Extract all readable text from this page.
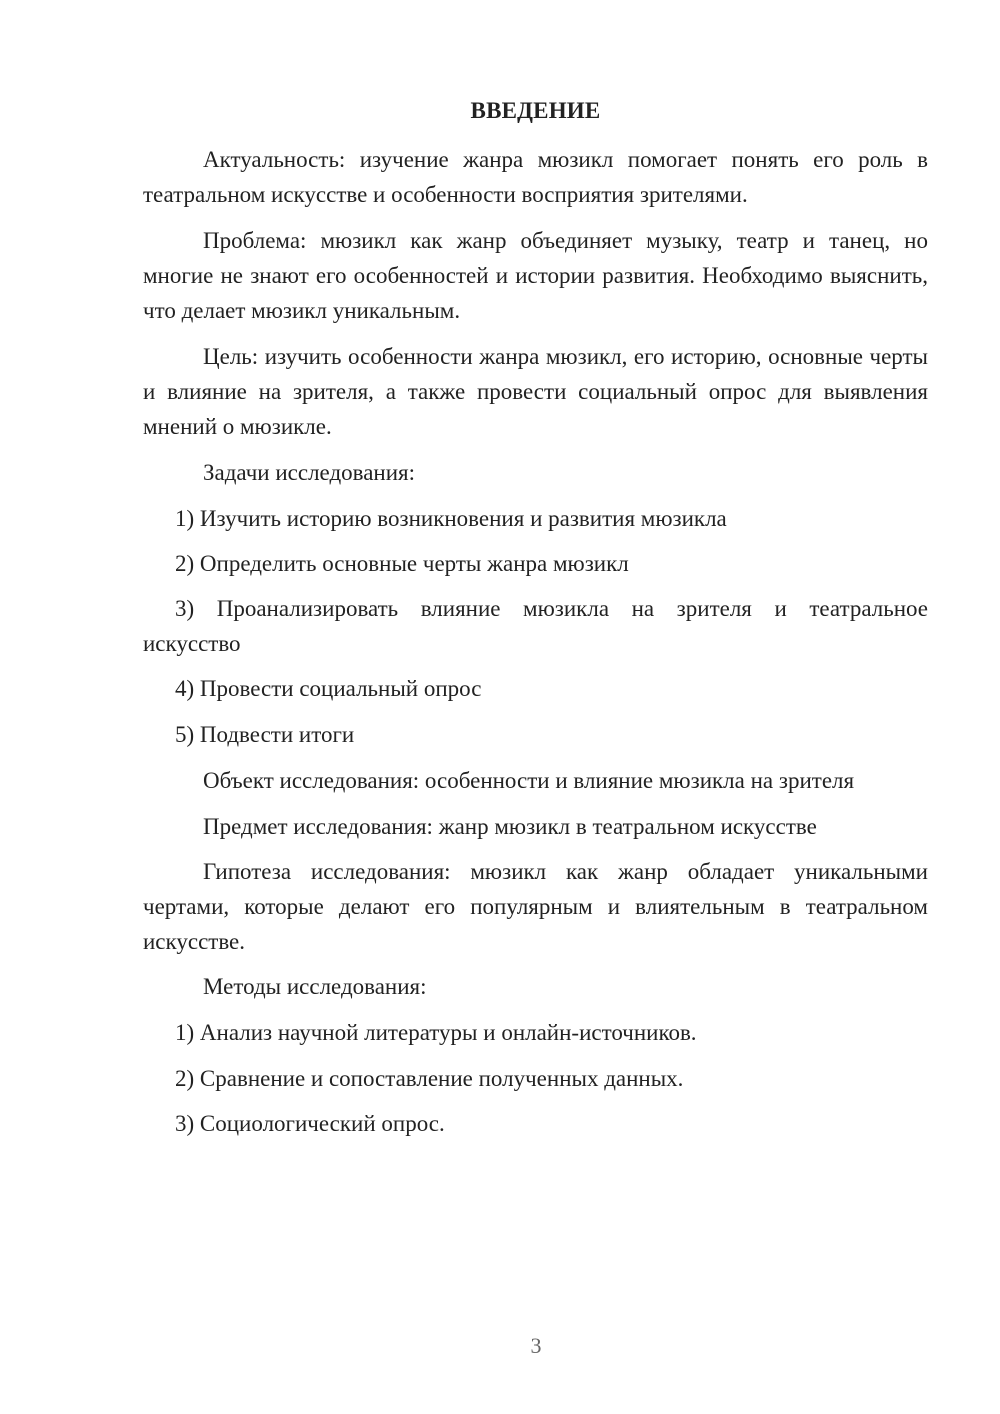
ВВЕДЕНИЕ

Актуальность: изучение жанра мюзикл помогает понять его роль в театральном искусстве и особенности восприятия зрителями.

Проблема: мюзикл как жанр объединяет музыку, театр и танец, но многие не знают его особенностей и истории развития. Необходимо выяснить, что делает мюзикл уникальным.

Цель: изучить особенности жанра мюзикл, его историю, основные черты и влияние на зрителя, а также провести социальный опрос для выявления мнений о мюзикле.

Задачи исследования:

1) Изучить историю возникновения и развития мюзикла

2) Определить основные черты жанра мюзикл

3) Проанализировать влияние мюзикла на зрителя и театральное искусство

4) Провести социальный опрос

5) Подвести итоги

Объект исследования: особенности и влияние мюзикла на зрителя

Предмет исследования: жанр мюзикл в театральном искусстве

Гипотеза исследования: мюзикл как жанр обладает уникальными чертами, которые делают его популярным и влиятельным в театральном искусстве.

Методы исследования:

1) Анализ научной литературы и онлайн-источников.

2) Сравнение и сопоставление полученных данных.

3) Социологический опрос.

3
